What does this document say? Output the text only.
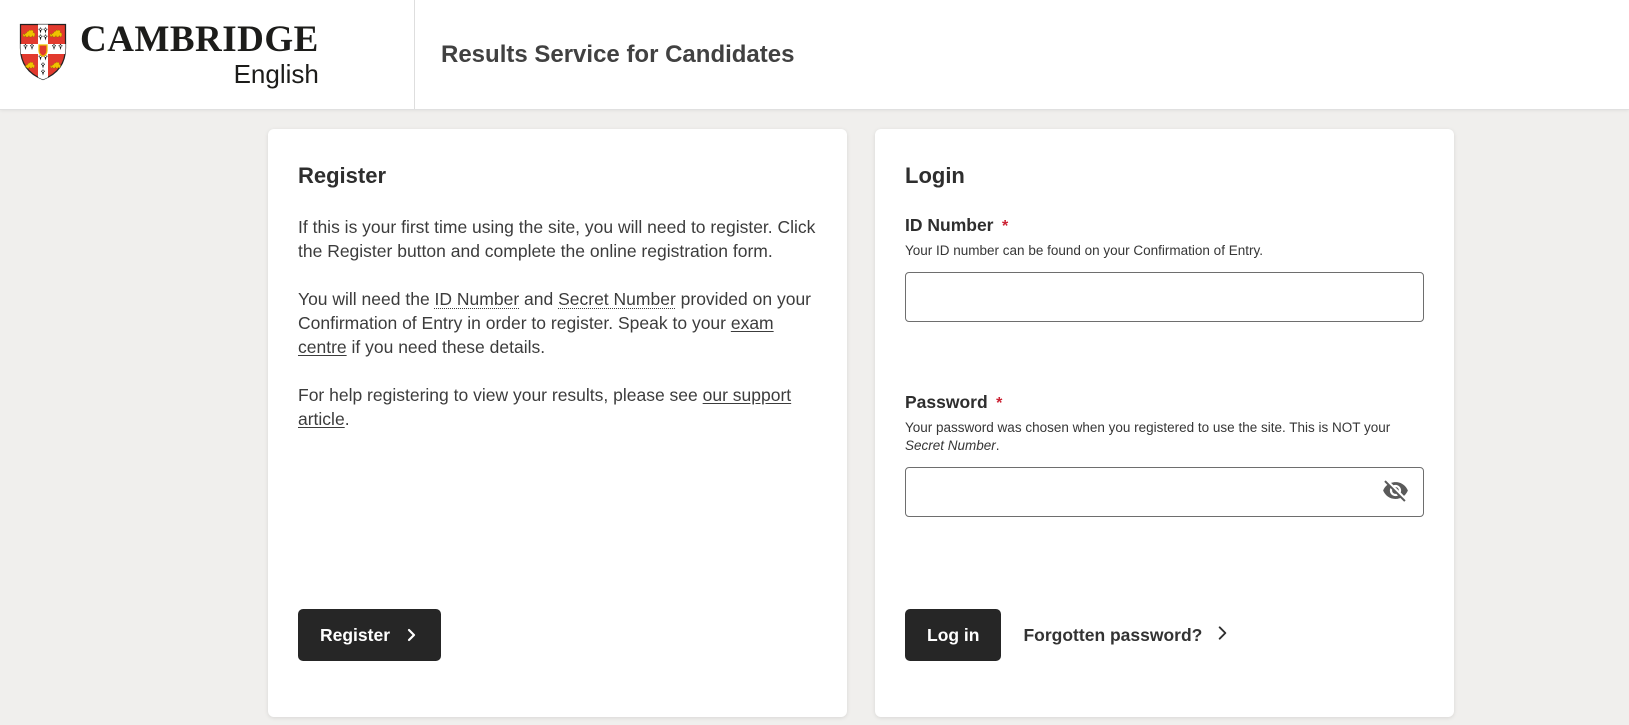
CAMBRIDGE
English
Results Service for Candidates
Register

If this is your first time using the site, you will need to register. Click the Register button and complete the online registration form.

You will need the ID Number and Secret Number provided on your Confirmation of Entry in order to register. Speak to your exam centre if you need these details.

For help registering to view your results, please see our support article.

Register
Login
ID Number *

Your ID number can be found on your Confirmation of Entry.

Password *

Your password was chosen when you registered to use the site. This is NOT your Secret Number.

Log in	Forgotten password?
